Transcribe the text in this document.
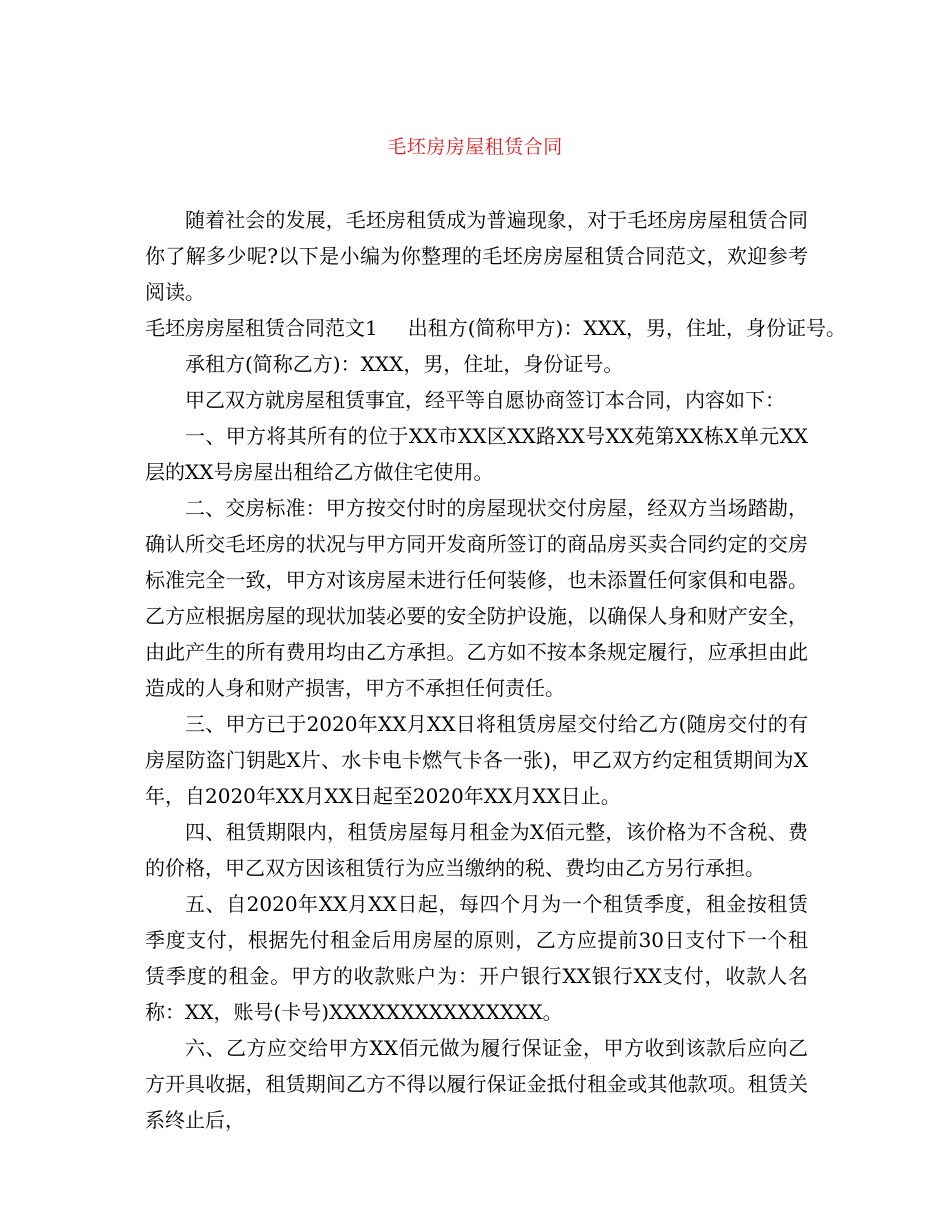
毛坯房房屋租赁合同

随着社会的发展，毛坯房租赁成为普遍现象，对于毛坯房房屋租赁合同你了解多少呢?以下是小编为你整理的毛坯房房屋租赁合同范文，欢迎参考阅读。

毛坯房房屋租赁合同范文1 出租方(简称甲方)：XXX，男，住址，身份证号。

承租方(简称乙方)：XXX，男，住址，身份证号。

甲乙双方就房屋租赁事宜，经平等自愿协商签订本合同，内容如下：

一、甲方将其所有的位于XX市XX区XX路XX号XX苑第XX栋X单元XX层的XX号房屋出租给乙方做住宅使用。

二、交房标准：甲方按交付时的房屋现状交付房屋，经双方当场踏勘，确认所交毛坯房的状况与甲方同开发商所签订的商品房买卖合同约定的交房标准完全一致，甲方对该房屋未进行任何装修，也未添置任何家俱和电器。乙方应根据房屋的现状加装必要的安全防护设施，以确保人身和财产安全，由此产生的所有费用均由乙方承担。乙方如不按本条规定履行，应承担由此造成的人身和财产损害，甲方不承担任何责任。

三、甲方已于2020年XX月XX日将租赁房屋交付给乙方(随房交付的有房屋防盗门钥匙X片、水卡电卡燃气卡各一张)，甲乙双方约定租赁期间为X年，自2020年XX月XX日起至2020年XX月XX日止。

四、租赁期限内，租赁房屋每月租金为X佰元整，该价格为不含税、费的价格，甲乙双方因该租赁行为应当缴纳的税、费均由乙方另行承担。

五、自2020年XX月XX日起，每四个月为一个租赁季度，租金按租赁季度支付，根据先付租金后用房屋的原则，乙方应提前30日支付下一个租赁季度的租金。甲方的收款账户为：开户银行XX银行XX支付，收款人名称：XX，账号(卡号)XXXXXXXXXXXXXXX。

六、乙方应交给甲方XX佰元做为履行保证金，甲方收到该款后应向乙方开具收据，租赁期间乙方不得以履行保证金抵付租金或其他款项。租赁关系终止后，
